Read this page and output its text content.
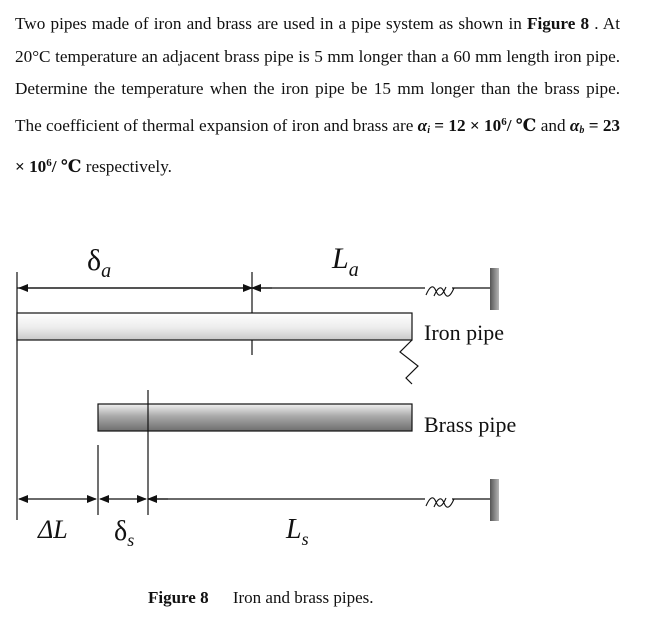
Two pipes made of iron and brass are used in a pipe system as shown in Figure 8 . At 20°C temperature an adjacent brass pipe is 5 mm longer than a 60 mm length iron pipe. Determine the temperature when the iron pipe be 15 mm longer than the brass pipe. The coefficient of thermal expansion of iron and brass are $\alpha_i = 12 \times 10^6/$ ℃ and $\alpha_b = 23 \times 10^6/$ ℃ respectively.

$\delta_a$	$L_a$
Iron pipe
Brass pipe
ΔL $\delta_s$	$L_s$
Figure 8 Iron and brass pipes.
